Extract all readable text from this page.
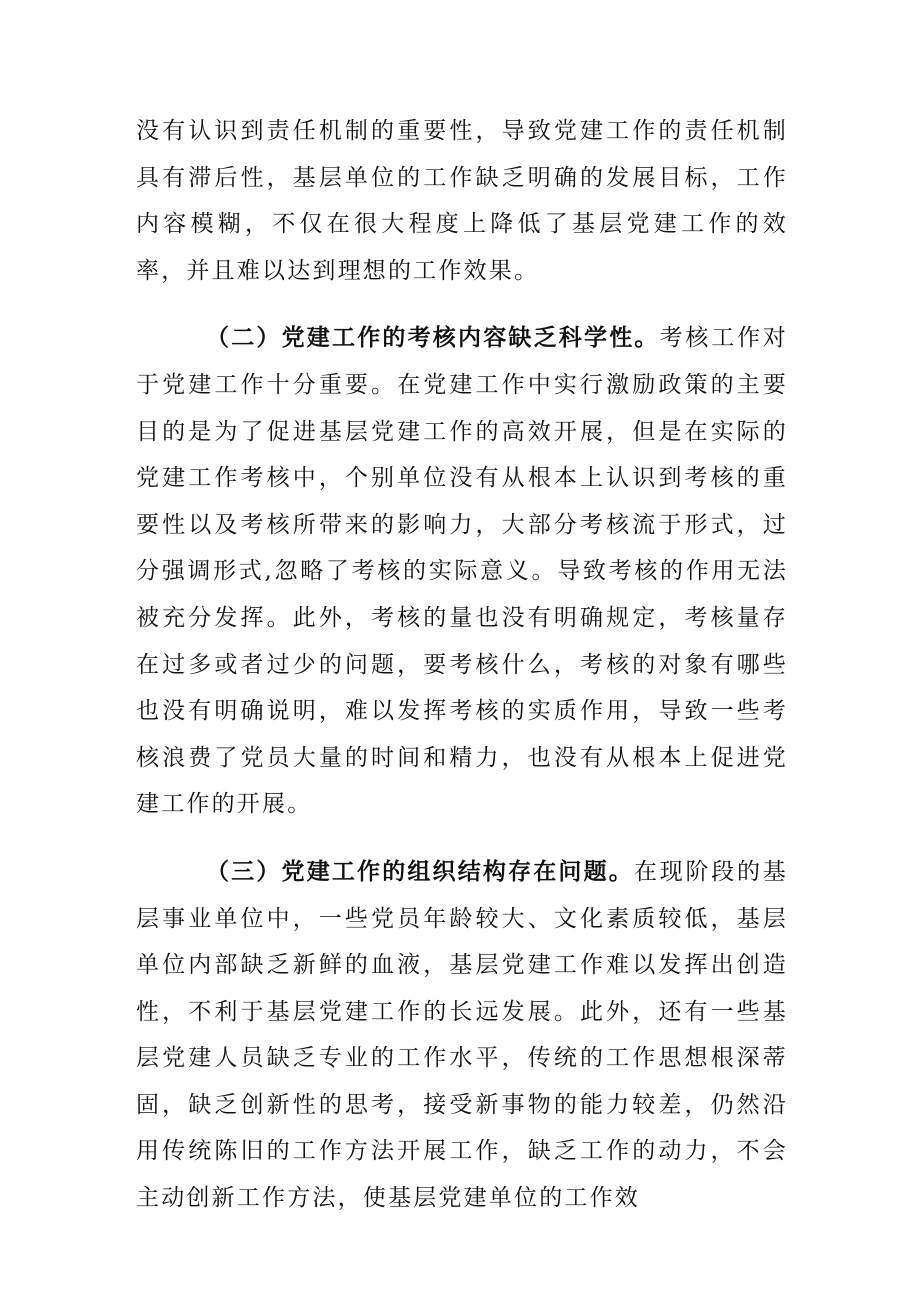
没有认识到责任机制的重要性，导致党建工作的责任机制具有滞后性，基层单位的工作缺乏明确的发展目标，工作内容模糊，不仅在很大程度上降低了基层党建工作的效率，并且难以达到理想的工作效果。

（二）党建工作的考核内容缺乏科学性。考核工作对于党建工作十分重要。在党建工作中实行激励政策的主要目的是为了促进基层党建工作的高效开展，但是在实际的党建工作考核中，个别单位没有从根本上认识到考核的重要性以及考核所带来的影响力，大部分考核流于形式，过分强调形式,忽略了考核的实际意义。导致考核的作用无法被充分发挥。此外，考核的量也没有明确规定，考核量存在过多或者过少的问题，要考核什么，考核的对象有哪些也没有明确说明，难以发挥考核的实质作用，导致一些考核浪费了党员大量的时间和精力，也没有从根本上促进党建工作的开展。

（三）党建工作的组织结构存在问题。在现阶段的基层事业单位中，一些党员年龄较大、文化素质较低，基层单位内部缺乏新鲜的血液，基层党建工作难以发挥出创造性，不利于基层党建工作的长远发展。此外，还有一些基层党建人员缺乏专业的工作水平，传统的工作思想根深蒂固，缺乏创新性的思考，接受新事物的能力较差，仍然沿用传统陈旧的工作方法开展工作，缺乏工作的动力，不会主动创新工作方法，使基层党建单位的工作效
